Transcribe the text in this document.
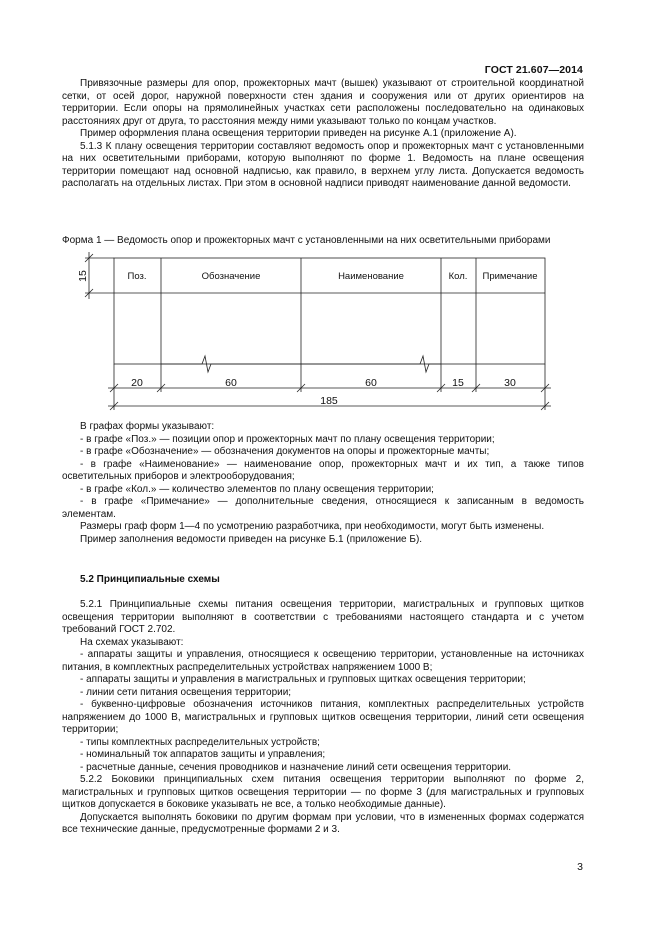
ГОСТ 21.607—2014

Привязочные размеры для опор, прожекторных мачт (вышек) указывают от строительной координатной сетки, от осей дорог, наружной поверхности стен здания и сооружения или от других ориентиров на территории. Если опоры на прямолинейных участках сети расположены последовательно на одинаковых расстояниях друг от друга, то расстояния между ними указывают только по концам участков.

Пример оформления плана освещения территории приведен на рисунке А.1 (приложение А).

5.1.3 К плану освещения территории составляют ведомость опор и прожекторных мачт с установленными на них осветительными приборами, которую выполняют по форме 1. Ведомость на плане освещения территории помещают над основной надписью, как правило, в верхнем углу листа. Допускается ведомость располагать на отдельных листах. При этом в основной надписи приводят наименование данной ведомости.

Форма 1 — Ведомость опор и прожекторных мачт с установленными на них осветительными приборами
Поз.	Обозначение	Наименование	Кол. Примечание
20	60	60	15	30
185
15

В графах формы указывают:

- в графе «Поз.» — позиции опор и прожекторных мачт по плану освещения территории;

- в графе «Обозначение» — обозначения документов на опоры и прожекторные мачты;

- в графе «Наименование» — наименование опор, прожекторных мачт и их тип, а также типов осветительных приборов и электрооборудования;

- в графе «Кол.» — количество элементов по плану освещения территории;

- в графе «Примечание» — дополнительные сведения, относящиеся к записанным в ведомость элементам.

Размеры граф форм 1—4 по усмотрению разработчика, при необходимости, могут быть изменены.

Пример заполнения ведомости приведен на рисунке Б.1 (приложение Б).

5.2 Принципиальные схемы

5.2.1 Принципиальные схемы питания освещения территории, магистральных и групповых щитков освещения территории выполняют в соответствии с требованиями настоящего стандарта и с учетом требований ГОСТ 2.702.

На схемах указывают:

- аппараты защиты и управления, относящиеся к освещению территории, установленные на источниках питания, в комплектных распределительных устройствах напряжением 1000 В;

- аппараты защиты и управления в магистральных и групповых щитках освещения территории;

- линии сети питания освещения территории;

- буквенно-цифровые обозначения источников питания, комплектных распределительных устройств напряжением до 1000 В, магистральных и групповых щитков освещения территории, линий сети освещения территории;

- типы комплектных распределительных устройств;

- номинальный ток аппаратов защиты и управления;

- расчетные данные, сечения проводников и назначение линий сети освещения территории.

5.2.2 Боковики принципиальных схем питания освещения территории выполняют по форме 2, магистральных и групповых щитков освещения территории — по форме 3 (для магистральных и групповых щитков допускается в боковике указывать не все, а только необходимые данные).

Допускается выполнять боковики по другим формам при условии, что в измененных формах содержатся все технические данные, предусмотренные формами 2 и 3.

3
